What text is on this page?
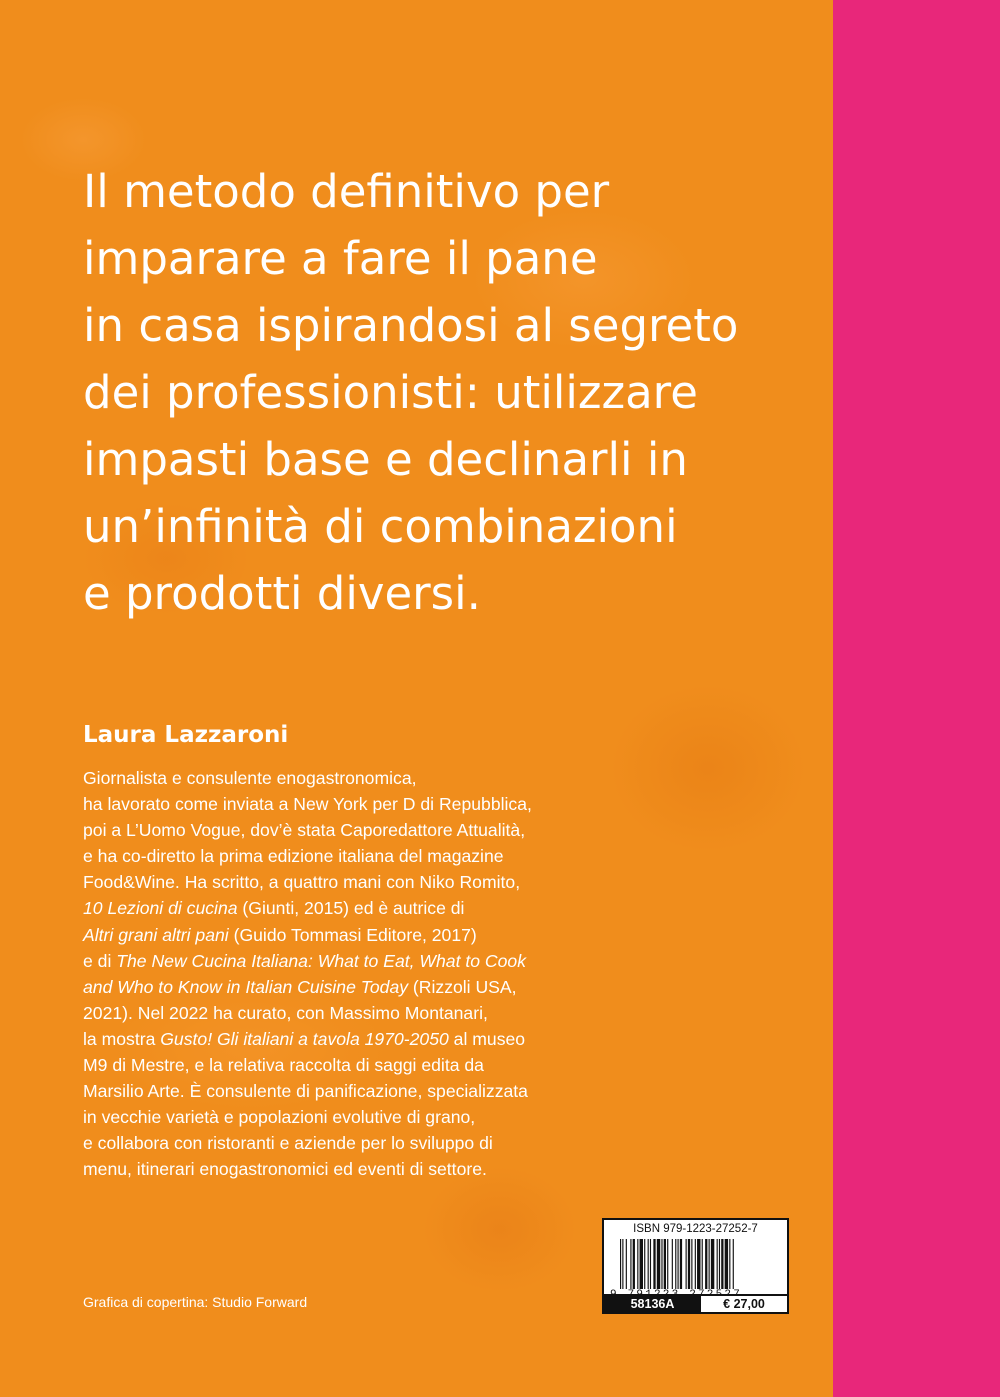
Il metodo definitivo per
imparare a fare il pane
in casa ispirandosi al segreto
dei professionisti: utilizzare
impasti base e declinarli in
un’infinità di combinazioni
e prodotti diversi.
Laura Lazzaroni

Giornalista e consulente enogastronomica,
ha lavorato come inviata a New York per D di Repubblica,
poi a L’Uomo Vogue, dov’è stata Caporedattore Attualità,
e ha co-diretto la prima edizione italiana del magazine
Food&Wine. Ha scritto, a quattro mani con Niko Romito,
10 Lezioni di cucina (Giunti, 2015) ed è autrice di
Altri grani altri pani (Guido Tommasi Editore, 2017)
e di The New Cucina Italiana: What to Eat, What to Cook
and Who to Know in Italian Cuisine Today (Rizzoli USA,
2021). Nel 2022 ha curato, con Massimo Montanari,
la mostra Gusto! Gli italiani a tavola 1970-2050 al museo
M9 di Mestre, e la relativa raccolta di saggi edita da
Marsilio Arte. È consulente di panificazione, specializzata
in vecchie varietà e popolazioni evolutive di grano,
e collabora con ristoranti e aziende per lo sviluppo di
menu, itinerari enogastronomici ed eventi di settore.

Grafica di copertina: Studio Forward

ISBN 979-1223-27252-7
58136A	€ 27,00
